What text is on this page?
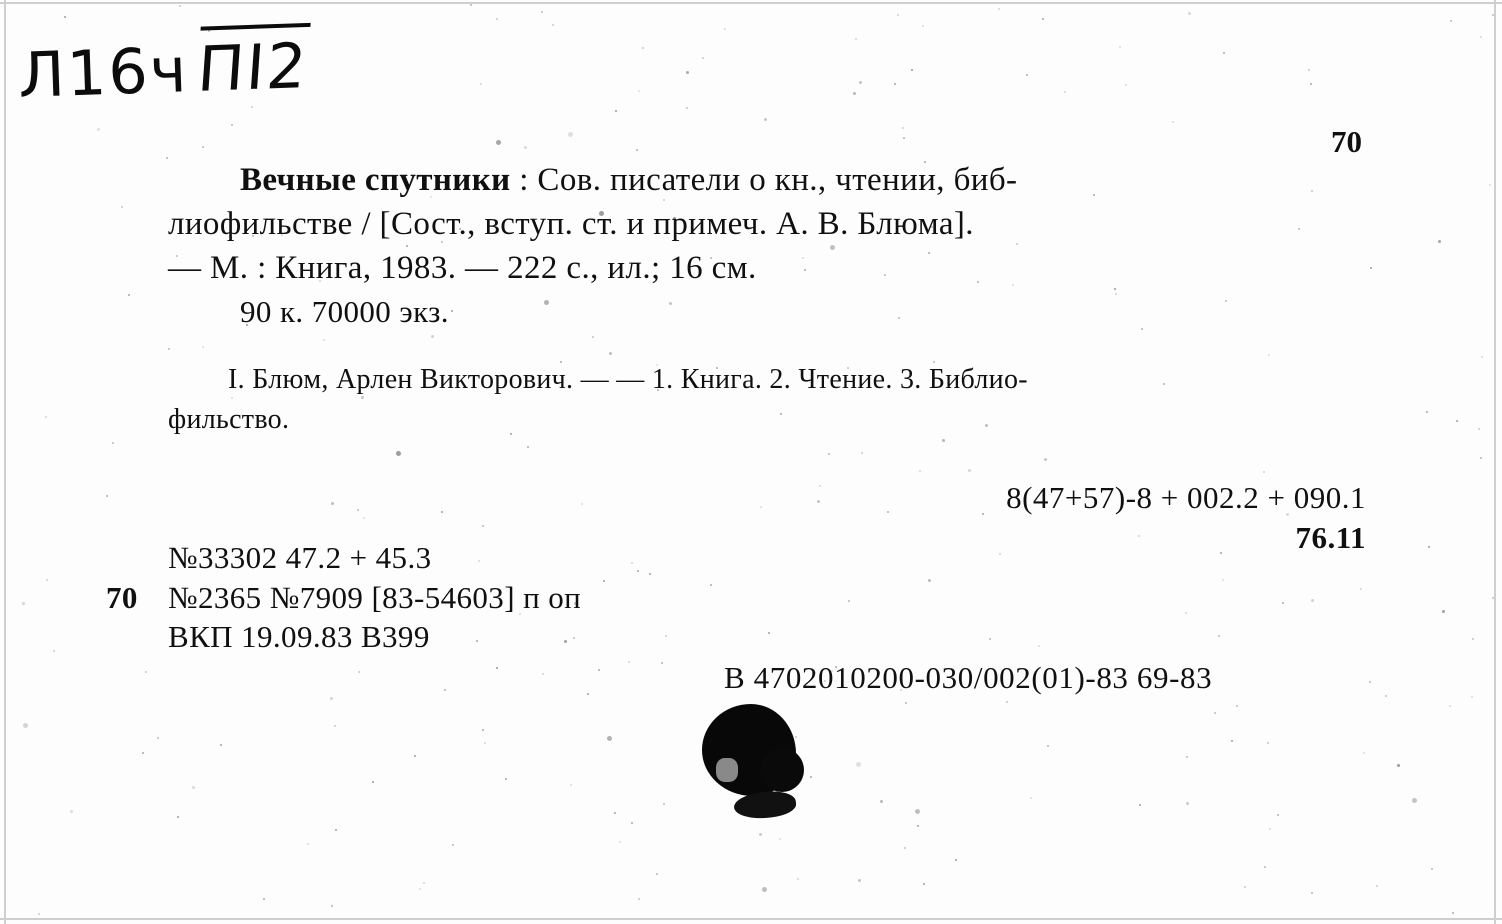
Л16чПI2
70
Вечные спутники : Сов. писатели о кн., чтении, биб-
лиофильстве / [Сост., вступ. ст. и примеч. А. В. Блюма].
— М. : Книга, 1983. — 222 с., ил.; 16 см.
90 к. 70000 экз.
I. Блюм, Арлен Викторович. — — 1. Книга. 2. Чтение. 3. Библио-
фильство.
8(47+57)-8 + 002.2 + 090.1
76.11
№33302 47.2 + 45.3
70 №2365 №7909 [83-54603] п оп
ВКП 19.09.83 В399
В 4702010200-030/002(01)-83 69-83
